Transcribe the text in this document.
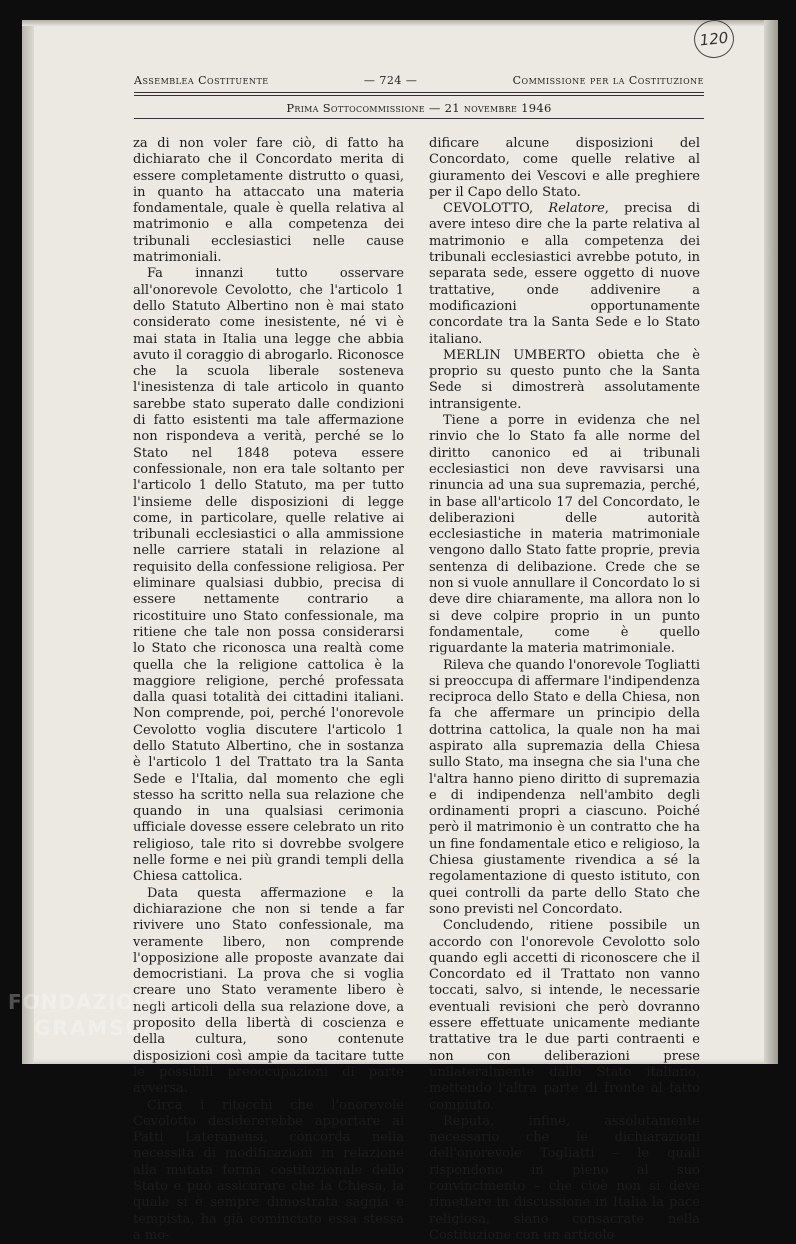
120
Assemblea Costituente	— 724 —	Commissione per la Costituzione
Prima Sottocommissione — 21 novembre 1946

za di non voler fare ciò, di fatto ha dichiarato che il Concordato merita di essere completamente distrutto o quasi, in quanto ha attaccato una materia fondamentale, quale è quella relativa al matrimonio e alla competenza dei tribunali ecclesiastici nelle cause matrimoniali.

Fa innanzi tutto osservare all'onorevole Cevolotto, che l'articolo 1 dello Statuto Albertino non è mai stato considerato come inesistente, né vi è mai stata in Italia una legge che abbia avuto il coraggio di abrogarlo. Riconosce che la scuola liberale sosteneva l'inesistenza di tale articolo in quanto sarebbe stato superato dalle condizioni di fatto esistenti ma tale affermazione non rispondeva a verità, perché se lo Stato nel 1848 poteva essere confessionale, non era tale soltanto per l'articolo 1 dello Statuto, ma per tutto l'insieme delle disposizioni di legge come, in particolare, quelle relative ai tribunali ecclesiastici o alla ammissione nelle carriere statali in relazione al requisito della confessione religiosa. Per eliminare qualsiasi dubbio, precisa di essere nettamente contrario a ricostituire uno Stato confessionale, ma ritiene che tale non possa considerarsi lo Stato che riconosca una realtà come quella che la religione cattolica è la maggiore religione, perché professata dalla quasi totalità dei cittadini italiani. Non comprende, poi, perché l'onorevole Cevolotto voglia discutere l'articolo 1 dello Statuto Albertino, che in sostanza è l'articolo 1 del Trattato tra la Santa Sede e l'Italia, dal momento che egli stesso ha scritto nella sua relazione che quando in una qualsiasi cerimonia ufficiale dovesse essere celebrato un rito religioso, tale rito si dovrebbe svolgere nelle forme e nei più grandi templi della Chiesa cattolica.

Data questa affermazione e la dichiarazione che non si tende a far rivivere uno Stato confessionale, ma veramente libero, non comprende l'opposizione alle proposte avanzate dai democristiani. La prova che si voglia creare uno Stato veramente libero è negli articoli della sua relazione dove, a proposito della libertà di coscienza e della cultura, sono contenute disposizioni così ampie da tacitare tutte le possibili preoccupazioni di parte avversa.

Circa i ritocchi che l'onorevole Cevolotto desidererebbe apportare ai Patti Lateranensi, concorda nella necessità di modificazioni in relazione alla mutata forma costituzionale dello Stato e può assicurare che la Chiesa, la quale si è sempre dimostrata saggia e tempista, ha già cominciato essa stessa a mo-

dificare alcune disposizioni del Concordato, come quelle relative al giuramento dei Vescovi e alle preghiere per il Capo dello Stato.

CEVOLOTTO, Relatore, precisa di avere inteso dire che la parte relativa al matrimonio e alla competenza dei tribunali ecclesiastici avrebbe potuto, in separata sede, essere oggetto di nuove trattative, onde addivenire a modificazioni opportunamente concordate tra la Santa Sede e lo Stato italiano.

MERLIN UMBERTO obietta che è proprio su questo punto che la Santa Sede si dimostrerà assolutamente intransigente.

Tiene a porre in evidenza che nel rinvio che lo Stato fa alle norme del diritto canonico ed ai tribunali ecclesiastici non deve ravvisarsi una rinuncia ad una sua supremazia, perché, in base all'articolo 17 del Concordato, le deliberazioni delle autorità ecclesiastiche in materia matrimoniale vengono dallo Stato fatte proprie, previa sentenza di delibazione. Crede che se non si vuole annullare il Concordato lo si deve dire chiaramente, ma allora non lo si deve colpire proprio in un punto fondamentale, come è quello riguardante la materia matrimoniale.

Rileva che quando l'onorevole Togliatti si preoccupa di affermare l'indipendenza reciproca dello Stato e della Chiesa, non fa che affermare un principio della dottrina cattolica, la quale non ha mai aspirato alla supremazia della Chiesa sullo Stato, ma insegna che sia l'una che l'altra hanno pieno diritto di supremazia e di indipendenza nell'ambito degli ordinamenti propri a ciascuno. Poiché però il matrimonio è un contratto che ha un fine fondamentale etico e religioso, la Chiesa giustamente rivendica a sé la regolamentazione di questo istituto, con quei controlli da parte dello Stato che sono previsti nel Concordato.

Concludendo, ritiene possibile un accordo con l'onorevole Cevolotto solo quando egli accetti di riconoscere che il Concordato ed il Trattato non vanno toccati, salvo, si intende, le necessarie eventuali revisioni che però dovranno essere effettuate unicamente mediante trattative tra le due parti contraenti e non con deliberazioni prese unilateralmente dallo Stato italiano, mettendo l'altra parte di fronte al fatto compiuto.

Reputa, infine, assolutamente necessario che le dichiarazioni dell'onorevole Togliatti – le quali rispondono in pieno al suo convincimento – che cioè non si deve rimettere in discussione in Italia la pace religiosa, siano consacrate nella Costituzione con un articolo

FONDAZIONE
GRAMSCI
